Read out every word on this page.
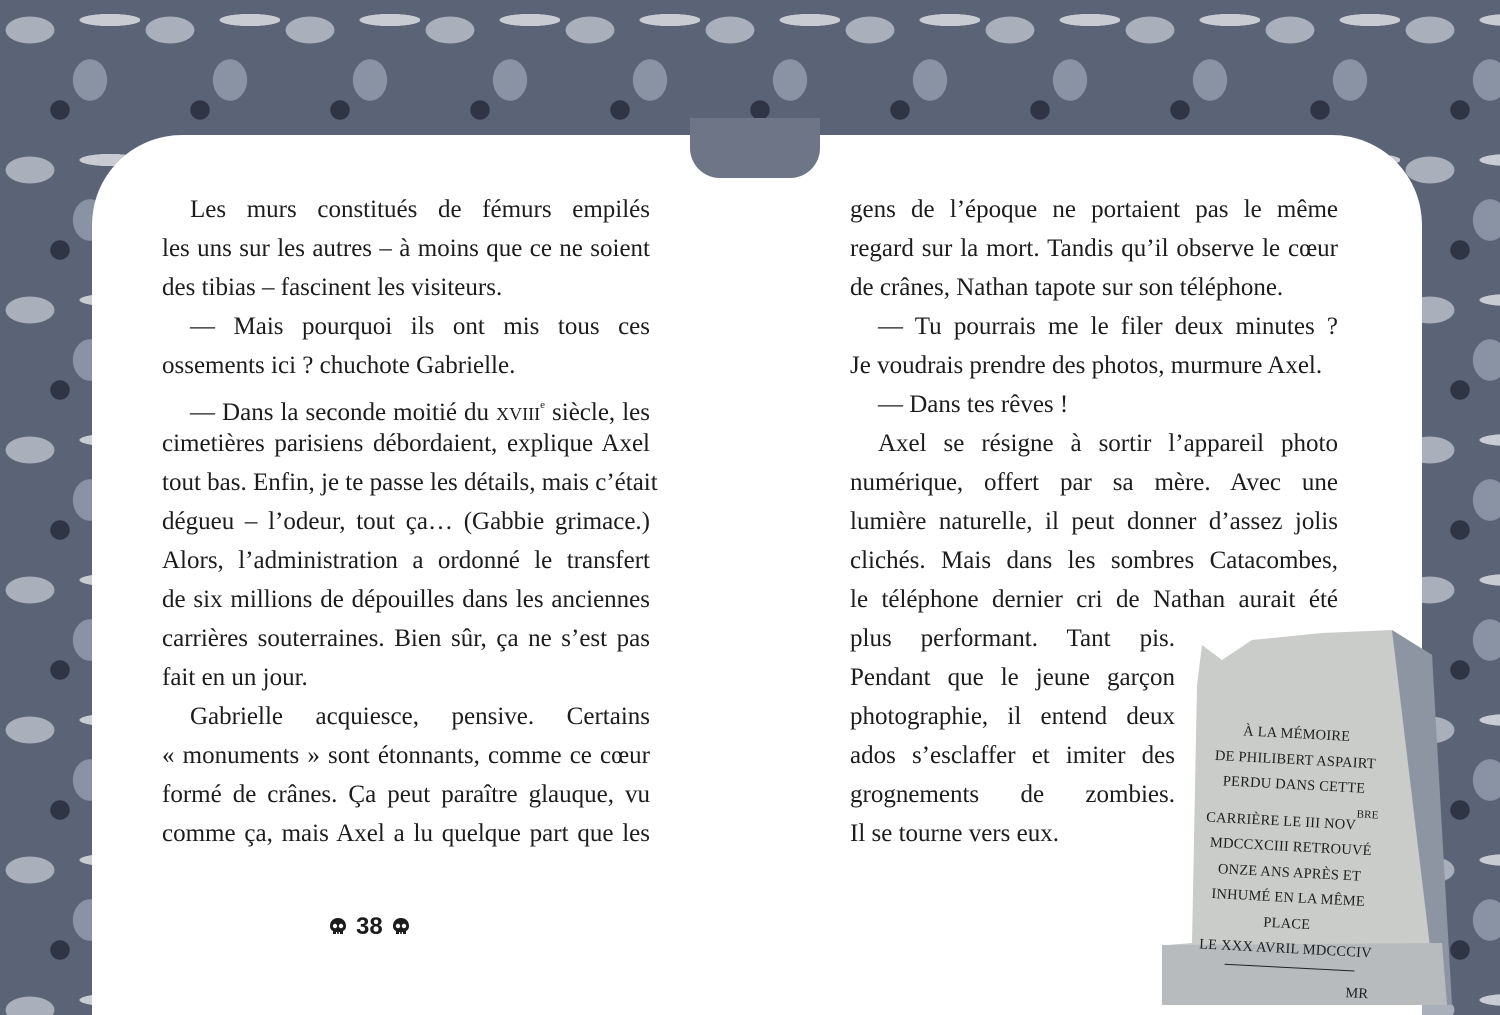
Les murs constitués de fémurs empilés
les uns sur les autres – à moins que ce ne soient
des tibias – fascinent les visiteurs.
— Mais pourquoi ils ont mis tous ces
ossements ici ? chuchote Gabrielle.
— Dans la seconde moitié du xviii$^e$ siècle, les
cimetières parisiens débordaient, explique Axel
tout bas. Enfin, je te passe les détails, mais c’était
dégueu – l’odeur, tout ça… (Gabbie grimace.)
Alors, l’administration a ordonné le transfert
de six millions de dépouilles dans les anciennes
carrières souterraines. Bien sûr, ça ne s’est pas
fait en un jour.
Gabrielle acquiesce, pensive. Certains
« monuments » sont étonnants, comme ce cœur
formé de crânes. Ça peut paraître glauque, vu
comme ça, mais Axel a lu quelque part que les
gens de l’époque ne portaient pas le même
regard sur la mort. Tandis qu’il observe le cœur
de crânes, Nathan tapote sur son téléphone.
— Tu pourrais me le filer deux minutes ?
Je voudrais prendre des photos, murmure Axel.
— Dans tes rêves !
Axel se résigne à sortir l’appareil photo
numérique, offert par sa mère. Avec une
lumière naturelle, il peut donner d’assez jolis
clichés. Mais dans les sombres Catacombes,
le téléphone dernier cri de Nathan aurait été
plus performant. Tant pis.
Pendant que le jeune garçon
photographie, il entend deux
ados s’esclaffer et imiter des
grognements de zombies.
Il se tourne vers eux.
38
À LA MÉMOIRE
DE PHILIBERT ASPAIRT
PERDU DANS CETTE
CARRIÈRE LE III $NOV^{BRE}$
MDCCXCIII RETROUVÉ
ONZE ANS APRÈS ET
INHUMÉ EN LA MÊME PLACE
LE XXX AVRIL MDCCCIV
MR
